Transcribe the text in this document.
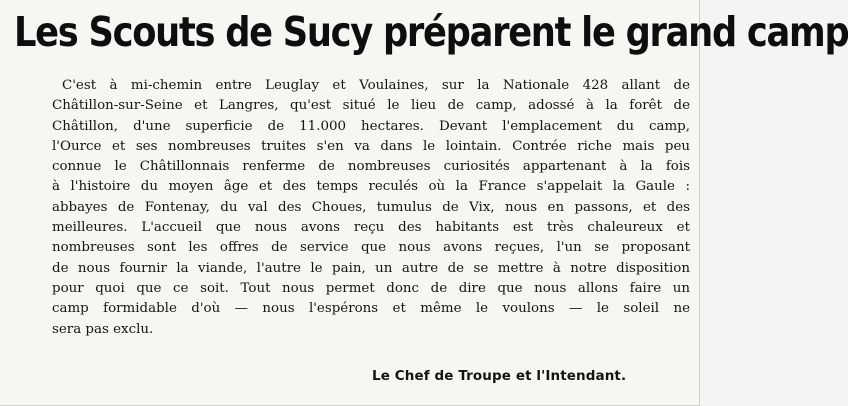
Les Scouts de Sucy préparent le grand camp
C'est à mi-chemin entre Leuglay et Voulaines, sur la Nationale 428 allant de
Châtillon-sur-Seine et Langres, qu'est situé le lieu de camp, adossé à la forêt de
Châtillon, d'une superficie de 11.000 hectares. Devant l'emplacement du camp,
l'Ource et ses nombreuses truites s'en va dans le lointain. Contrée riche mais peu
connue le Châtillonnais renferme de nombreuses curiosités appartenant à la fois
à l'histoire du moyen âge et des temps reculés où la France s'appelait la Gaule :
abbayes de Fontenay, du val des Choues, tumulus de Vix, nous en passons, et des
meilleures. L'accueil que nous avons reçu des habitants est très chaleureux et
nombreuses sont les offres de service que nous avons reçues, l'un se proposant
de nous fournir la viande, l'autre le pain, un autre de se mettre à notre disposition
pour quoi que ce soit. Tout nous permet donc de dire que nous allons faire un
camp formidable d'où — nous l'espérons et même le voulons — le soleil ne
sera pas exclu.
Le Chef de Troupe et l'Intendant.
